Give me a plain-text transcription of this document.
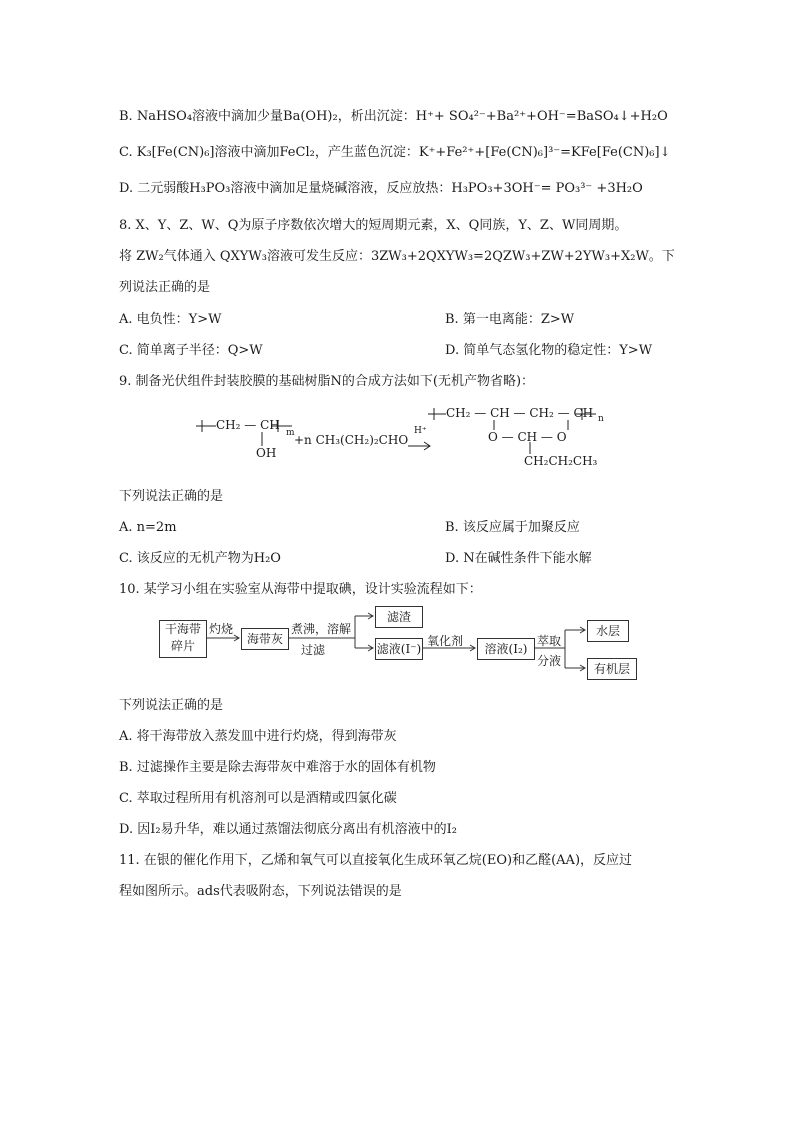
B. NaHSO₄溶液中滴加少量Ba(OH)₂，析出沉淀：H⁺+ SO₄²⁻+Ba²⁺+OH⁻=BaSO₄↓+H₂O
C. K₃[Fe(CN)₆]溶液中滴加FeCl₂，产生蓝色沉淀：K⁺+Fe²⁺+[Fe(CN)₆]³⁻=KFe[Fe(CN)₆]↓
D. 二元弱酸H₃PO₃溶液中滴加足量烧碱溶液，反应放热：H₃PO₃+3OH⁻= PO₃³⁻ +3H₂O
8. X、Y、Z、W、Q为原子序数依次增大的短周期元素，X、Q同族，Y、Z、W同周期。
将 ZW₂气体通入 QXYW₃溶液可发生反应：3ZW₃+2QXYW₃=2QZW₃+ZW+2YW₃+X₂W。下
列说法正确的是
A. 电负性：Y>W	B. 第一电离能：Z>W
C. 简单离子半径：Q>W	D. 简单气态氢化物的稳定性：Y>W
9. 制备光伏组件封装胶膜的基础树脂N的合成方法如下(无机产物省略)：
CH₂ — CH
m
OH
+n CH₃(CH₂)₂CHO
H⁺
CH₂ — CH — CH₂ — CH n
O — CH — O
CH₂CH₂CH₃
下列说法正确的是
A. n=2m	B. 该反应属于加聚反应
C. 该反应的无机产物为H₂O	D. N在碱性条件下能水解
10. 某学习小组在实验室从海带中提取碘，设计实验流程如下：
干海带
碎片
灼烧
海带灰
煮沸，溶解
过滤
滤渣
滤液(I⁻)
氧化剂
溶液(I₂)
萃取
分液
水层
有机层
下列说法正确的是
A. 将干海带放入蒸发皿中进行灼烧，得到海带灰
B. 过滤操作主要是除去海带灰中难溶于水的固体有机物
C. 萃取过程所用有机溶剂可以是酒精或四氯化碳
D. 因I₂易升华，难以通过蒸馏法彻底分离出有机溶液中的I₂
11. 在银的催化作用下，乙烯和氧气可以直接氧化生成环氧乙烷(EO)和乙醛(AA)，反应过
程如图所示。ads代表吸附态，下列说法错误的是
